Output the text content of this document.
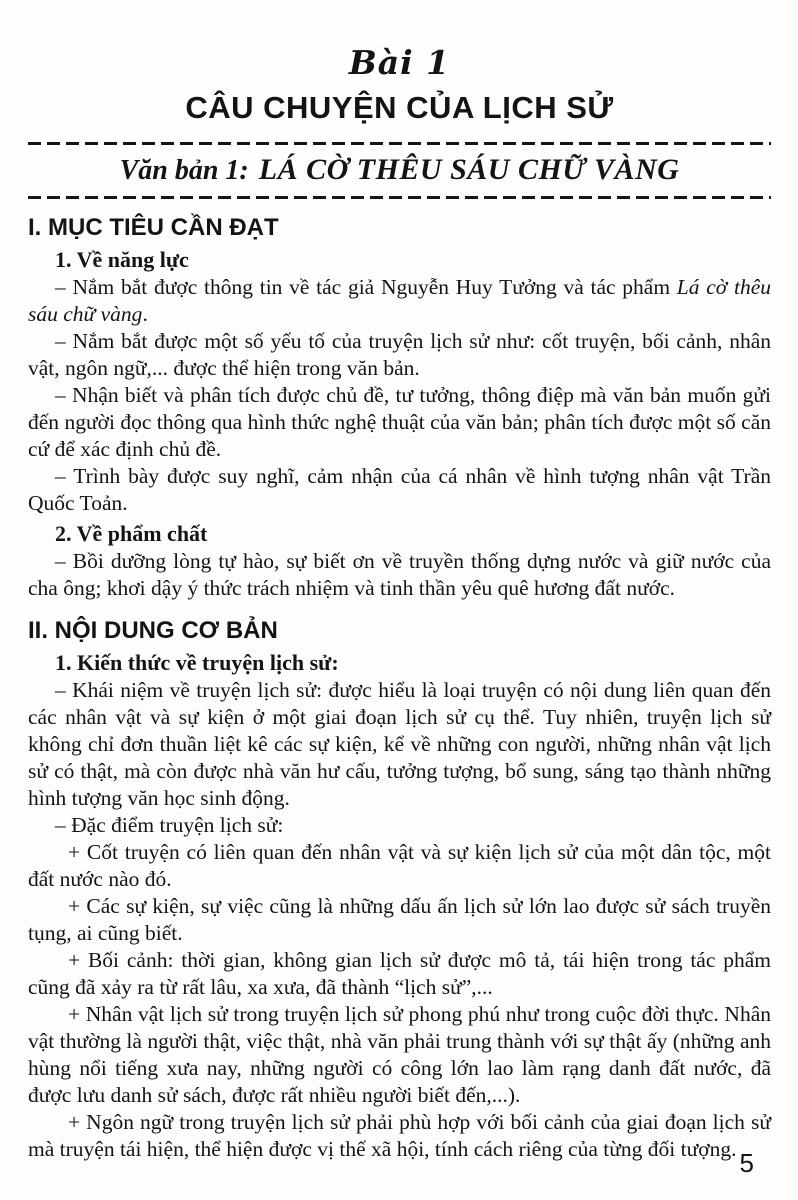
Bài 1
CÂU CHUYỆN CỦA LỊCH SỬ
Văn bản 1: LÁ CỜ THÊU SÁU CHỮ VÀNG
I. MỤC TIÊU CẦN ĐẠT
1. Về năng lực

– Nắm bắt được thông tin về tác giả Nguyễn Huy Tưởng và tác phẩm Lá cờ thêu sáu chữ vàng.

– Nắm bắt được một số yếu tố của truyện lịch sử như: cốt truyện, bối cảnh, nhân vật, ngôn ngữ,... được thể hiện trong văn bản.

– Nhận biết và phân tích được chủ đề, tư tưởng, thông điệp mà văn bản muốn gửi đến người đọc thông qua hình thức nghệ thuật của văn bản; phân tích được một số căn cứ để xác định chủ đề.

– Trình bày được suy nghĩ, cảm nhận của cá nhân về hình tượng nhân vật Trần Quốc Toản.

2. Về phẩm chất

– Bồi dưỡng lòng tự hào, sự biết ơn về truyền thống dựng nước và giữ nước của cha ông; khơi dậy ý thức trách nhiệm và tinh thần yêu quê hương đất nước.

II. NỘI DUNG CƠ BẢN
1. Kiến thức về truyện lịch sử:

– Khái niệm về truyện lịch sử: được hiểu là loại truyện có nội dung liên quan đến các nhân vật và sự kiện ở một giai đoạn lịch sử cụ thể. Tuy nhiên, truyện lịch sử không chỉ đơn thuần liệt kê các sự kiện, kể về những con người, những nhân vật lịch sử có thật, mà còn được nhà văn hư cấu, tưởng tượng, bổ sung, sáng tạo thành những hình tượng văn học sinh động.

– Đặc điểm truyện lịch sử:

+ Cốt truyện có liên quan đến nhân vật và sự kiện lịch sử của một dân tộc, một đất nước nào đó.

+ Các sự kiện, sự việc cũng là những dấu ấn lịch sử lớn lao được sử sách truyền tụng, ai cũng biết.

+ Bối cảnh: thời gian, không gian lịch sử được mô tả, tái hiện trong tác phẩm cũng đã xảy ra từ rất lâu, xa xưa, đã thành “lịch sử”,...

+ Nhân vật lịch sử trong truyện lịch sử phong phú như trong cuộc đời thực. Nhân vật thường là người thật, việc thật, nhà văn phải trung thành với sự thật ấy (những anh hùng nổi tiếng xưa nay, những người có công lớn lao làm rạng danh đất nước, đã được lưu danh sử sách, được rất nhiều người biết đến,...).

+ Ngôn ngữ trong truyện lịch sử phải phù hợp với bối cảnh của giai đoạn lịch sử mà truyện tái hiện, thể hiện được vị thế xã hội, tính cách riêng của từng đối tượng. 5
